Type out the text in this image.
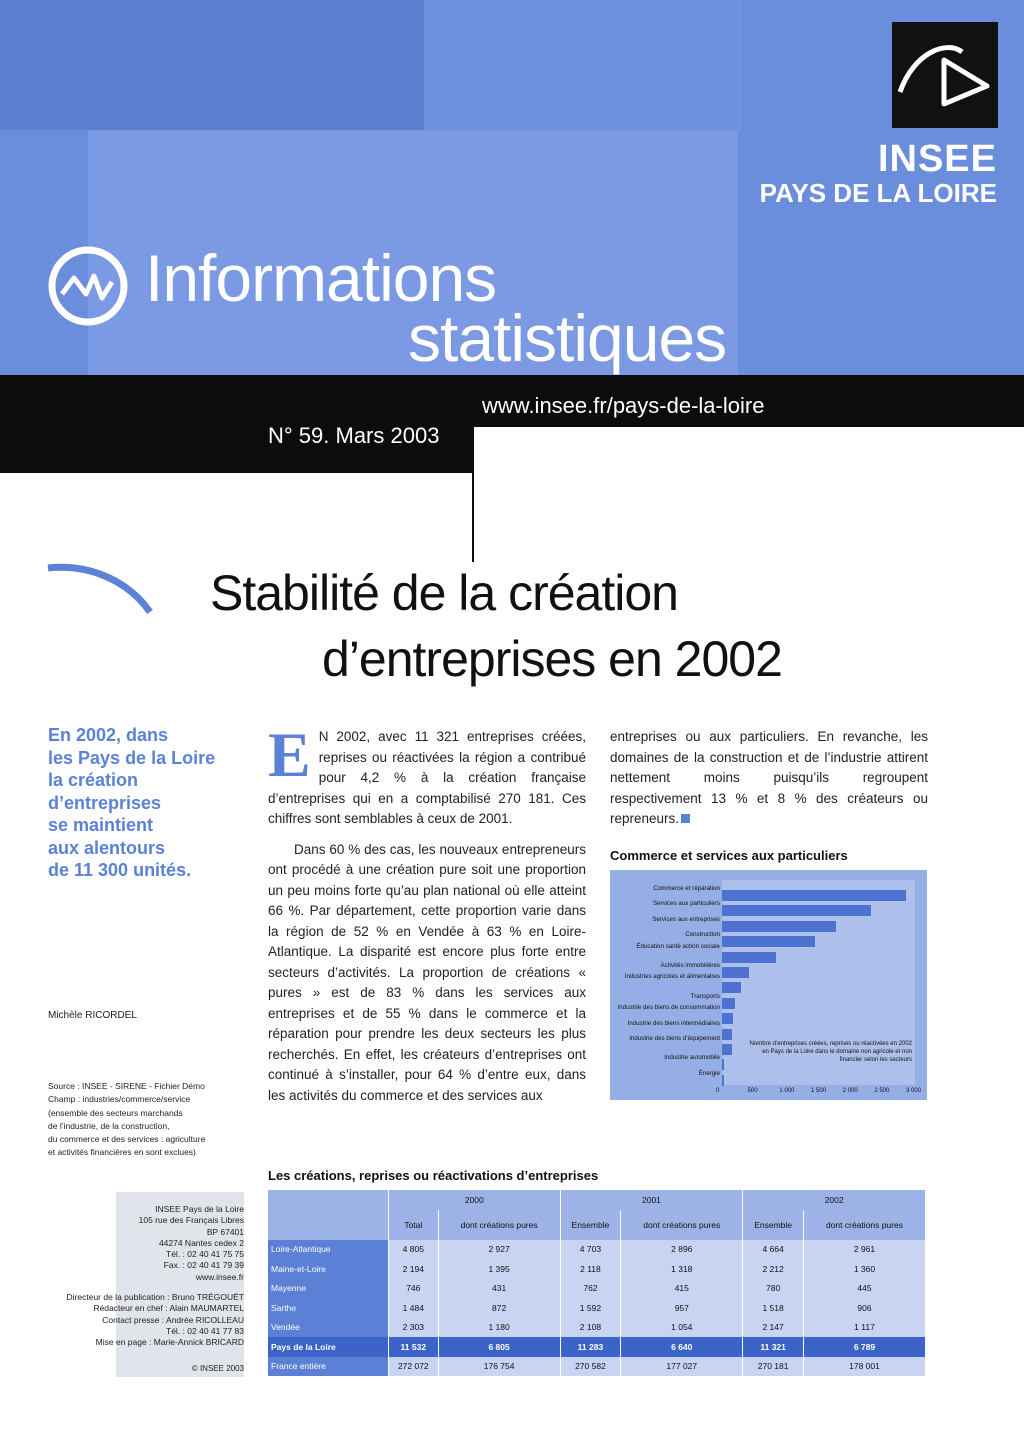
INSEE
PAYS DE LA LOIRE
Informations
statistiques
www.insee.fr/pays-de-la-loire
N° 59. Mars 2003
Stabilité de la création
d’entreprises en 2002
En 2002, dans
les Pays de la Loire
la création
d’entreprises
se maintient
aux alentours
de 11 300 unités.
Michèle RICORDEL
Source : INSEE - SIRENE - Fichier Démo
Champ : industries/commerce/service
(ensemble des secteurs marchands
de l’industrie, de la construction,
du commerce et des services : agriculture
et activités financières en sont exclues)
INSEE Pays de la Loire
105 rue des Français Libres
BP 67401
44274 Nantes cedex 2
Tél. : 02 40 41 75 75
Fax. : 02 40 41 79 39
www.insee.fr
Directeur de la publication : Bruno TRÉGOUËT
Rédacteur en chef : Alain MAUMARTEL
Contact presse : Andrée RICOLLEAU
Tél. : 02 40 41 77 83
Mise en page : Marie-Annick BRICARD
© INSEE 2003
E N 2002, avec 11 321 entreprises créées, reprises ou réactivées la région a contribué pour 4,2 % à la création française d’entreprises qui en a comptabilisé 270 181. Ces chiffres sont semblables à ceux de 2001.
Dans 60 % des cas, les nouveaux entrepreneurs ont procédé à une création pure soit une proportion un peu moins forte qu’au plan national où elle atteint 66 %. Par département, cette proportion varie dans la région de 52 % en Vendée à 63 % en Loire-Atlantique. La disparité est encore plus forte entre secteurs d’activités. La proportion de créations « pures » est de 83 % dans les services aux entreprises et de 55 % dans le commerce et la réparation pour prendre les deux secteurs les plus recherchés. En effet, les créateurs d’entreprises ont continué à s’installer, pour 64 % d’entre eux, dans les activités du commerce et des services aux
entreprises ou aux particuliers. En revanche, les domaines de la construction et de l’industrie attirent nettement moins puisqu’ils regroupent respectivement 13 % et 8 % des créateurs ou repreneurs.
Commerce et services aux particuliers
Commerce et réparation
Services aux particuliers
Services aux entreprises
Construction
Éducation santé action sociale
Activités immobilières
Industries agricoles et alimentaires
Transports
Industrie des biens de consommation
Industrie des biens intermédiaires
Industrie des biens d’équipement
Industrie automobile
Énergie
0	500	1 000	1 500	2 000	2 500	3 000
Nombre d’entreprises créées, reprises ou réactivées en 2002 en Pays de la Loire dans le domaine non agricole et non financier selon les secteurs
Les créations, reprises ou réactivations d’entreprises
	2000		2001		2002	
	Total	dont créations pures	Ensemble	dont créations pures	Ensemble	dont créations pures
Loire-Atlantique	4 805	2 927	4 703	2 896	4 664	2 961
Maine-et-Loire	2 194	1 395	2 118	1 318	2 212	1 360
Mayenne	746	431	762	415	780	445
Sarthe	1 484	872	1 592	957	1 518	906
Vendée	2 303	1 180	2 108	1 054	2 147	1 117
Pays de la Loire	11 532	6 805	11 283	6 640	11 321	6 789
France entière	272 072	176 754	270 582	177 027	270 181	178 001
